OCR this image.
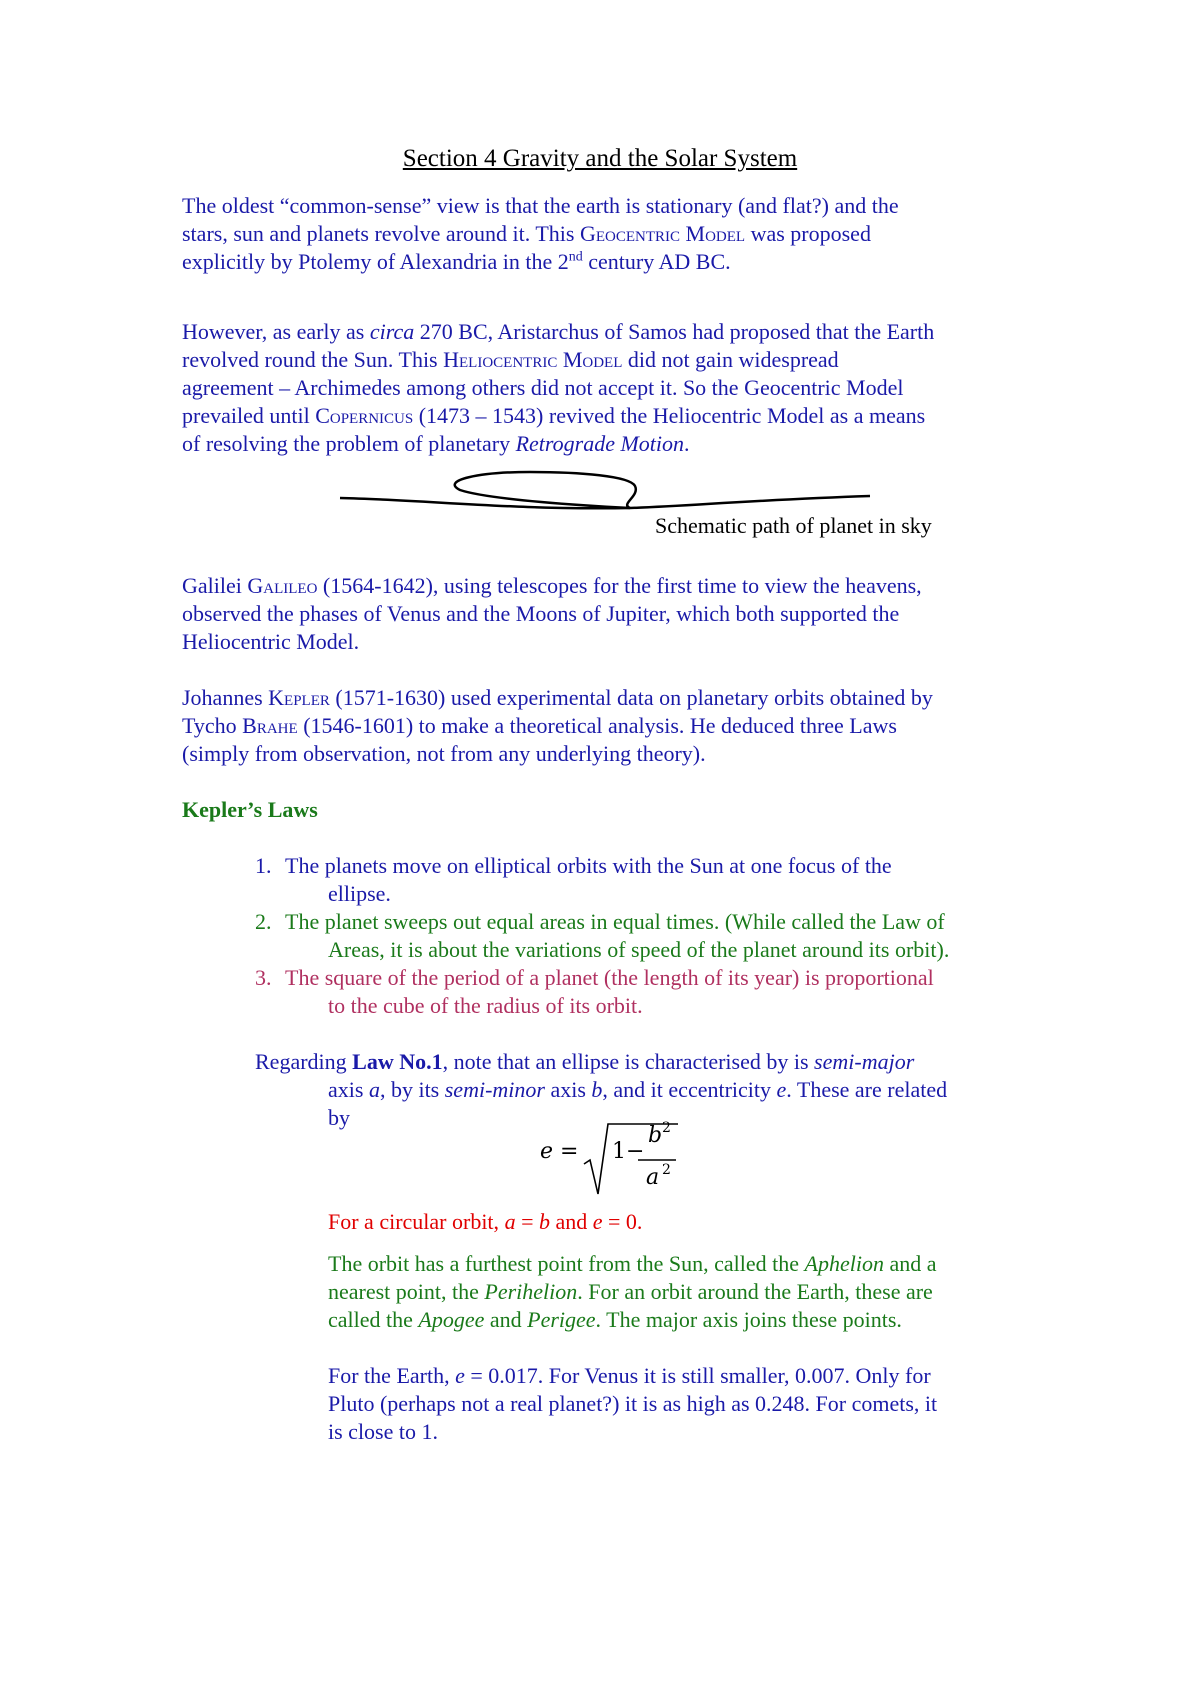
Section 4 Gravity and the Solar System
The oldest “common-sense” view is that the earth is stationary (and flat?) and the
stars, sun and planets revolve around it. This Geocentric Model was proposed
explicitly by Ptolemy of Alexandria in the 2nd century AD BC.
However, as early as circa 270 BC, Aristarchus of Samos had proposed that the Earth
revolved round the Sun. This Heliocentric Model did not gain widespread
agreement – Archimedes among others did not accept it. So the Geocentric Model
prevailed until Copernicus (1473 – 1543) revived the Heliocentric Model as a means
of resolving the problem of planetary Retrograde Motion.
Schematic path of planet in sky
Galilei Galileo (1564-1642), using telescopes for the first time to view the heavens,
observed the phases of Venus and the Moons of Jupiter, which both supported the
Heliocentric Model.
Johannes Kepler (1571-1630) used experimental data on planetary orbits obtained by
Tycho Brahe (1546-1601) to make a theoretical analysis. He deduced three Laws
(simply from observation, not from any underlying theory).
Kepler’s Laws
1. The planets move on elliptical orbits with the Sun at one focus of the
ellipse.
2. The planet sweeps out equal areas in equal times. (While called the Law of
Areas, it is about the variations of speed of the planet around its orbit).
3. The square of the period of a planet (the length of its year) is proportional
to the cube of the radius of its orbit.
Regarding Law No.1, note that an ellipse is characterised by is semi-major
axis a, by its semi-minor axis b, and it eccentricity e. These are related
by
e = 1−
b 2
a 2
For a circular orbit, a = b and e = 0.
The orbit has a furthest point from the Sun, called the Aphelion and a
nearest point, the Perihelion. For an orbit around the Earth, these are
called the Apogee and Perigee. The major axis joins these points.
For the Earth, e = 0.017. For Venus it is still smaller, 0.007. Only for
Pluto (perhaps not a real planet?) it is as high as 0.248. For comets, it
is close to 1.
